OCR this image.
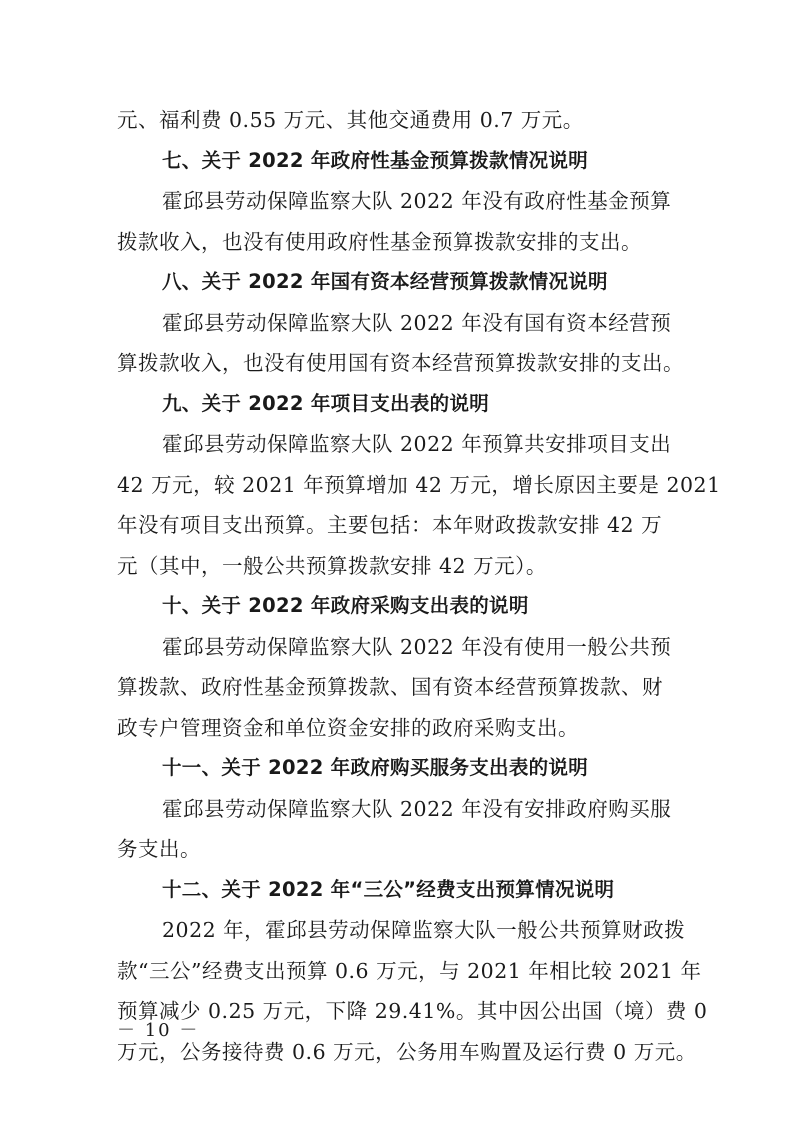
元、福利费 0.55 万元、其他交通费用 0.7 万元。
七、关于 2022 年政府性基金预算拨款情况说明
霍邱县劳动保障监察大队 2022 年没有政府性基金预算
拨款收入，也没有使用政府性基金预算拨款安排的支出。
八、关于 2022 年国有资本经营预算拨款情况说明
霍邱县劳动保障监察大队 2022 年没有国有资本经营预
算拨款收入，也没有使用国有资本经营预算拨款安排的支出。
九、关于 2022 年项目支出表的说明
霍邱县劳动保障监察大队 2022 年预算共安排项目支出
42 万元，较 2021 年预算增加 42 万元，增长原因主要是 2021
年没有项目支出预算。主要包括：本年财政拨款安排 42 万
元（其中，一般公共预算拨款安排 42 万元）。
十、关于 2022 年政府采购支出表的说明
霍邱县劳动保障监察大队 2022 年没有使用一般公共预
算拨款、政府性基金预算拨款、国有资本经营预算拨款、财
政专户管理资金和单位资金安排的政府采购支出。
十一、关于 2022 年政府购买服务支出表的说明
霍邱县劳动保障监察大队 2022 年没有安排政府购买服
务支出。
十二、关于 2022 年“三公”经费支出预算情况说明
2022 年，霍邱县劳动保障监察大队一般公共预算财政拨
款“三公”经费支出预算 0.6 万元，与 2021 年相比较 2021 年
预算减少 0.25 万元，下降 29.41%。其中因公出国（境）费 0
万元，公务接待费 0.6 万元，公务用车购置及运行费 0 万元。
－ 10 －
